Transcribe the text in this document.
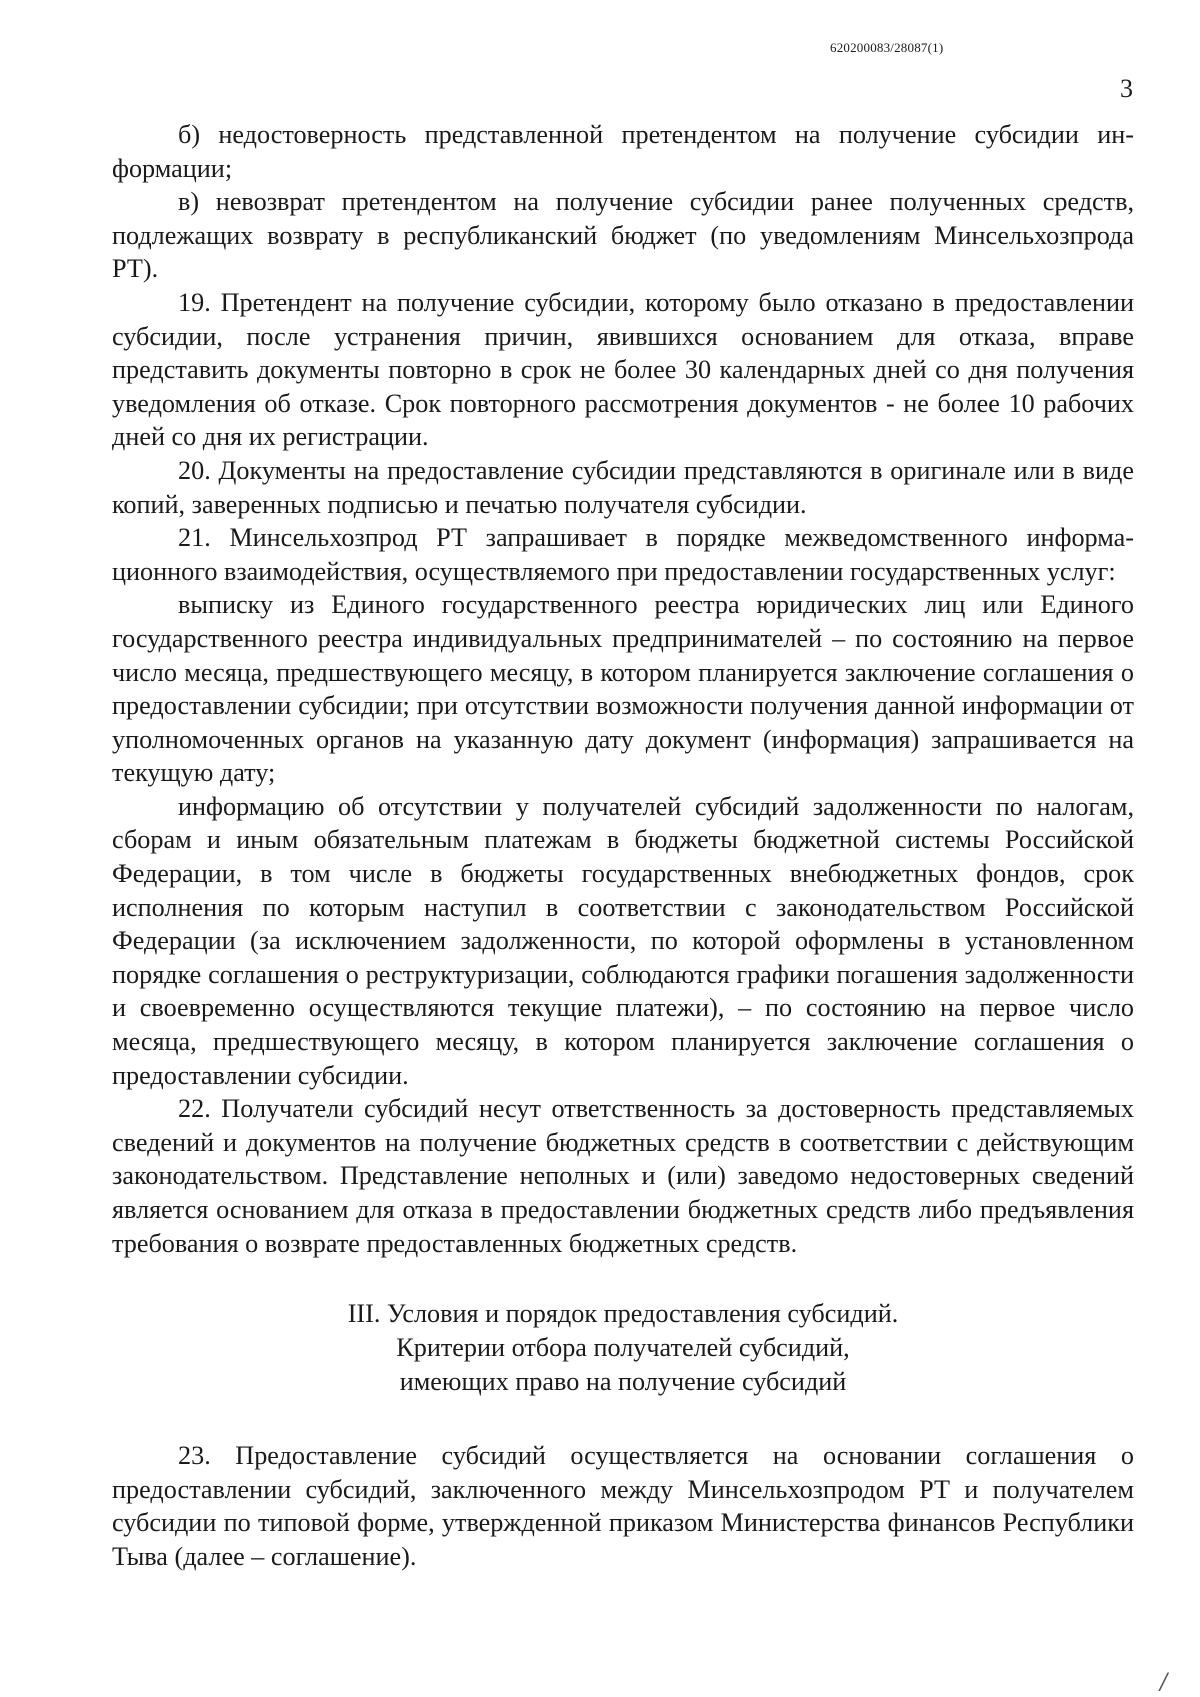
620200083/28087(1)
3

б) недостоверность представленной претендентом на получение субсидии информации;

в) невозврат претендентом на получение субсидии ранее полученных средств, подлежащих возврату в республиканский бюджет (по уведомлениям Минсельхозпрода РТ).

19. Претендент на получение субсидии, которому было отказано в предоставлении субсидии, после устранения причин, явившихся основанием для отказа, вправе представить документы повторно в срок не более 30 календарных дней со дня получения уведомления об отказе. Срок повторного рассмотрения документов - не более 10 рабочих дней со дня их регистрации.

20. Документы на предоставление субсидии представляются в оригинале или в виде копий, заверенных подписью и печатью получателя субсидии.

21. Минсельхозпрод РТ запрашивает в порядке межведомственного информационного взаимодействия, осуществляемого при предоставлении государственных услуг:

выписку из Единого государственного реестра юридических лиц или Единого государственного реестра индивидуальных предпринимателей – по состоянию на первое число месяца, предшествующего месяцу, в котором планируется заключение соглашения о предоставлении субсидии; при отсутствии возможности получения данной информации от уполномоченных органов на указанную дату документ (информация) запрашивается на текущую дату;

информацию об отсутствии у получателей субсидий задолженности по налогам, сборам и иным обязательным платежам в бюджеты бюджетной системы Российской Федерации, в том числе в бюджеты государственных внебюджетных фондов, срок исполнения по которым наступил в соответствии с законодательством Российской Федерации (за исключением задолженности, по которой оформлены в установленном порядке соглашения о реструктуризации, соблюдаются графики погашения задолженности и своевременно осуществляются текущие платежи), – по состоянию на первое число месяца, предшествующего месяцу, в котором планируется заключение соглашения о предоставлении субсидии.

22. Получатели субсидий несут ответственность за достоверность представляемых сведений и документов на получение бюджетных средств в соответствии с действующим законодательством. Представление неполных и (или) заведомо недостоверных сведений является основанием для отказа в предоставлении бюджетных средств либо предъявления требования о возврате предоставленных бюджетных средств.

III. Условия и порядок предоставления субсидий.
Критерии отбора получателей субсидий,
имеющих право на получение субсидий

23. Предоставление субсидий осуществляется на основании соглашения о предоставлении субсидий, заключенного между Минсельхозпродом РТ и получателем субсидии по типовой форме, утвержденной приказом Министерства финансов Республики Тыва (далее – соглашение).

/
